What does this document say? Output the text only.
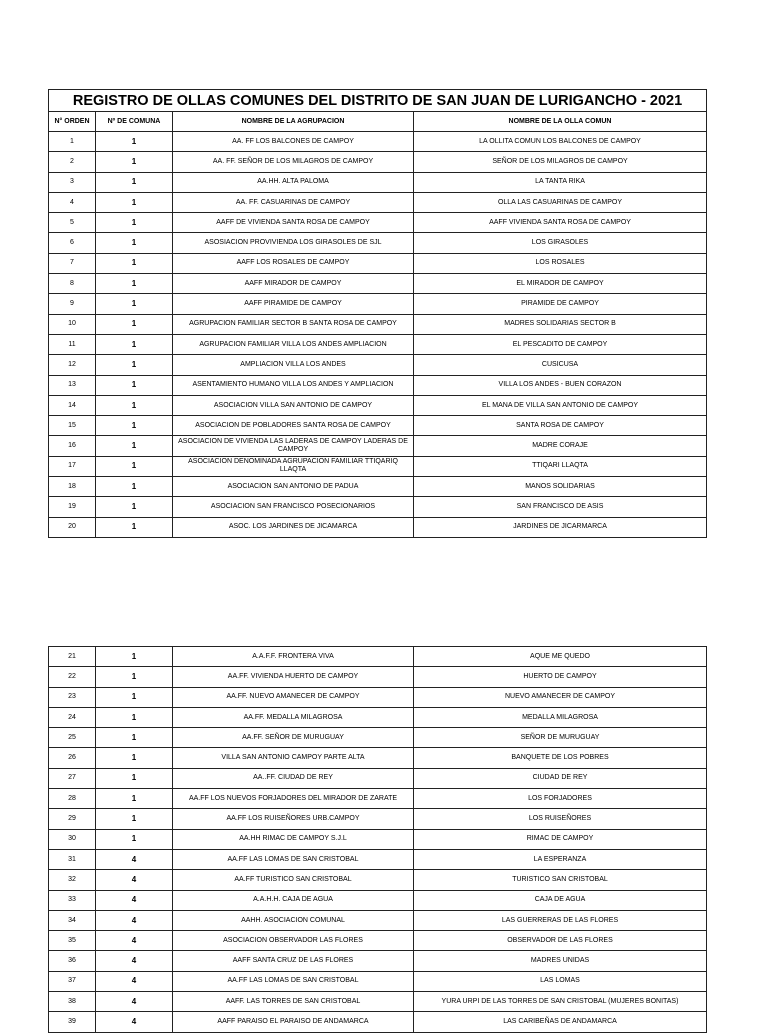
REGISTRO DE OLLAS COMUNES DEL DISTRITO DE SAN JUAN DE LURIGANCHO - 2021			
N° ORDEN	Nº DE COMUNA	NOMBRE DE LA AGRUPACION	NOMBRE DE LA OLLA COMUN
1	1	AA. FF LOS BALCONES DE CAMPOY	LA OLLITA COMUN LOS BALCONES DE CAMPOY
2	1	AA. FF. SEÑOR DE LOS MILAGROS DE CAMPOY	SEÑOR DE LOS MILAGROS DE CAMPOY
3	1	AA.HH. ALTA PALOMA	LA TANTA RIKA
4	1	AA. FF. CASUARINAS DE CAMPOY	OLLA LAS CASUARINAS DE CAMPOY
5	1	AAFF DE VIVIENDA SANTA ROSA DE CAMPOY	AAFF VIVIENDA SANTA ROSA DE CAMPOY
6	1	ASOSIACION PROVIVIENDA LOS GIRASOLES DE SJL	LOS GIRASOLES
7	1	AAFF LOS ROSALES DE CAMPOY	LOS ROSALES
8	1	AAFF MIRADOR DE CAMPOY	EL MIRADOR DE CAMPOY
9	1	AAFF PIRAMIDE DE CAMPOY	PIRAMIDE DE CAMPOY
10	1	AGRUPACION FAMILIAR SECTOR B SANTA ROSA DE CAMPOY	MADRES SOLIDARIAS SECTOR B
11	1	AGRUPACION FAMILIAR VILLA LOS ANDES AMPLIACION	EL PESCADITO DE CAMPOY
12	1	AMPLIACION VILLA LOS ANDES	CUSICUSA
13	1	ASENTAMIENTO HUMANO VILLA LOS ANDES Y AMPLIACION	VILLA LOS ANDES - BUEN CORAZON
14	1	ASOCIACION VILLA SAN ANTONIO DE CAMPOY	EL MANA DE VILLA SAN ANTONIO DE CAMPOY
15	1	ASOCIACION DE POBLADORES SANTA ROSA DE CAMPOY	SANTA ROSA DE CAMPOY
16	1	ASOCIACION DE VIVIENDA LAS LADERAS DE CAMPOY LADERAS DE CAMPOY	MADRE CORAJE
17	1	ASOCIACION DENOMINADA AGRUPACION FAMILIAR TTIQARIQ LLAQTA	TTIQARI LLAQTA
18	1	ASOCIACION SAN ANTONIO DE PADUA	MANOS SOLIDARIAS
19	1	ASOCIACION SAN FRANCISCO POSECIONARIOS	SAN FRANCISCO DE ASIS
20	1	ASOC. LOS JARDINES DE JICAMARCA	JARDINES DE JICARMARCA
21	1	A.A.F.F. FRONTERA VIVA	AQUE ME QUEDO
22	1	AA.FF. VIVIENDA HUERTO DE CAMPOY	HUERTO DE CAMPOY
23	1	AA.FF. NUEVO AMANECER DE CAMPOY	NUEVO AMANECER DE CAMPOY
24	1	AA.FF. MEDALLA MILAGROSA	MEDALLA MILAGROSA
25	1	AA.FF. SEÑOR DE MURUGUAY	SEÑOR DE MURUGUAY
26	1	VILLA SAN ANTONIO CAMPOY PARTE ALTA	BANQUETE DE LOS POBRES
27	1	AA..FF. CIUDAD DE REY	CIUDAD DE REY
28	1	AA.FF LOS NUEVOS FORJADORES DEL MIRADOR DE ZARATE	LOS FORJADORES
29	1	AA.FF LOS RUISEÑORES URB.CAMPOY	LOS RUISEÑORES
30	1	AA.HH RIMAC DE CAMPOY S.J.L	RIMAC DE CAMPOY
31	4	AA.FF LAS LOMAS DE SAN CRISTOBAL	LA ESPERANZA
32	4	AA.FF TURISTICO SAN CRISTOBAL	TURISTICO SAN CRISTOBAL
33	4	A.A.H.H. CAJA DE AGUA	CAJA DE AGUA
34	4	AAHH. ASOCIACION COMUNAL	LAS GUERRERAS DE LAS FLORES
35	4	ASOCIACION OBSERVADOR LAS FLORES	OBSERVADOR DE LAS FLORES
36	4	AAFF SANTA CRUZ DE LAS FLORES	MADRES UNIDAS
37	4	AA.FF LAS LOMAS DE SAN CRISTOBAL	LAS LOMAS
38	4	AAFF. LAS TORRES DE SAN CRISTOBAL	YURA URPI DE LAS TORRES DE SAN CRISTOBAL (MUJERES BONITAS)
39	4	AAFF PARAISO EL PARAISO DE ANDAMARCA	LAS CARIBEÑAS DE ANDAMARCA
